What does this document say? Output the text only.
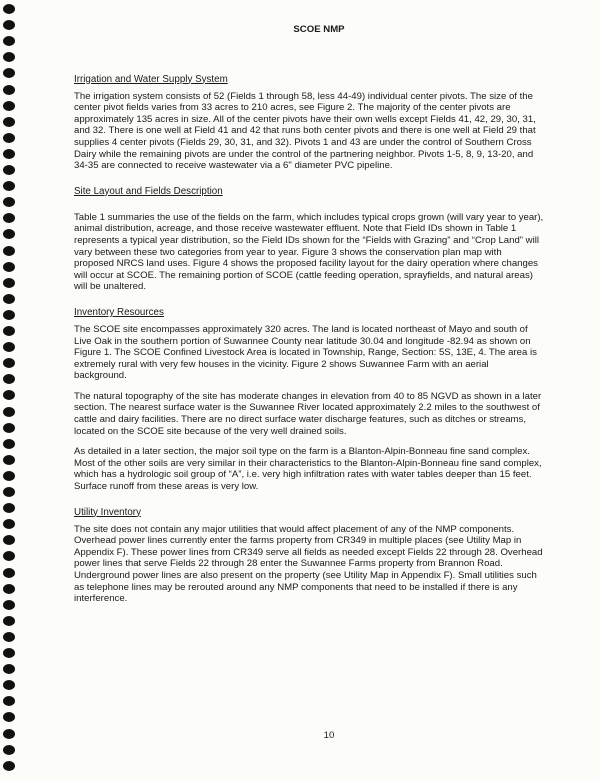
SCOE NMP
Irrigation and Water Supply System

The irrigation system consists of 52 (Fields 1 through 58, less 44-49) individual center pivots. The size of the center pivot fields varies from 33 acres to 210 acres, see Figure 2. The majority of the center pivots are approximately 135 acres in size. All of the center pivots have their own wells except Fields 41, 42, 29, 30, 31, and 32. There is one well at Field 41 and 42 that runs both center pivots and there is one well at Field 29 that supplies 4 center pivots (Fields 29, 30, 31, and 32). Pivots 1 and 43 are under the control of Southern Cross Dairy while the remaining pivots are under the control of the partnering neighbor. Pivots 1-5, 8, 9, 13-20, and 34-35 are connected to receive wastewater via a 6" diameter PVC pipeline.

Site Layout and Fields Description

Table 1 summaries the use of the fields on the farm, which includes typical crops grown (will vary year to year), animal distribution, acreage, and those receive wastewater effluent. Note that Field IDs shown in Table 1 represents a typical year distribution, so the Field IDs shown for the “Fields with Grazing” and “Crop Land” will vary between these two categories from year to year. Figure 3 shows the conservation plan map with proposed NRCS land uses. Figure 4 shows the proposed facility layout for the dairy operation where changes will occur at SCOE. The remaining portion of SCOE (cattle feeding operation, sprayfields, and natural areas) will be unaltered.

Inventory Resources

The SCOE site encompasses approximately 320 acres. The land is located northeast of Mayo and south of Live Oak in the southern portion of Suwannee County near latitude 30.04 and longitude -82.94 as shown on Figure 1. The SCOE Confined Livestock Area is located in Township, Range, Section: 5S, 13E, 4. The area is extremely rural with very few houses in the vicinity. Figure 2 shows Suwannee Farm with an aerial background.

The natural topography of the site has moderate changes in elevation from 40 to 85 NGVD as shown in a later section. The nearest surface water is the Suwannee River located approximately 2.2 miles to the southwest of cattle and dairy facilities. There are no direct surface water discharge features, such as ditches or streams, located on the SCOE site because of the very well drained soils.

As detailed in a later section, the major soil type on the farm is a Blanton-Alpin-Bonneau fine sand complex. Most of the other soils are very similar in their characteristics to the Blanton-Alpin-Bonneau fine sand complex, which has a hydrologic soil group of “A”, i.e. very high infiltration rates with water tables deeper than 15 feet. Surface runoff from these areas is very low.

Utility Inventory

The site does not contain any major utilities that would affect placement of any of the NMP components. Overhead power lines currently enter the farms property from CR349 in multiple places (see Utility Map in Appendix F). These power lines from CR349 serve all fields as needed except Fields 22 through 28. Overhead power lines that serve Fields 22 through 28 enter the Suwannee Farms property from Brannon Road. Underground power lines are also present on the property (see Utility Map in Appendix F). Small utilities such as telephone lines may be rerouted around any NMP components that need to be installed if there is any interference.

10
